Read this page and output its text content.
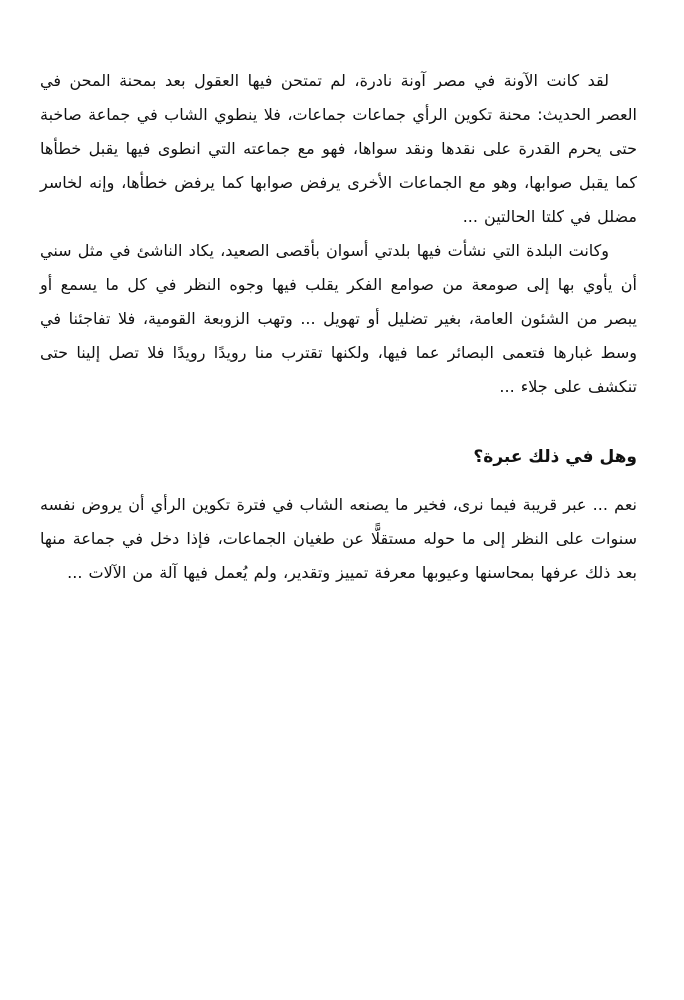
لقد كانت الآونة في مصر آونة نادرة، لم تمتحن فيها العقول بعد بمحنة المحن في العصر الحديث: محنة تكوين الرأي جماعات جماعات، فلا ينطوي الشاب في جماعة صاخبة حتى يحرم القدرة على نقدها ونقد سواها، فهو مع جماعته التي انطوى فيها يقبل خطأها كما يقبل صوابها، وهو مع الجماعات الأخرى يرفض صوابها كما يرفض خطأها، وإنه لخاسر مضلل في كلتا الحالتين ...

وكانت البلدة التي نشأت فيها بلدتي أسوان بأقصى الصعيد، يكاد الناشئ في مثل سني أن يأوي بها إلى صومعة من صوامع الفكر يقلب فيها وجوه النظر في كل ما يسمع أو يبصر من الشئون العامة، بغير تضليل أو تهويل ... وتهب الزوبعة القومية، فلا تفاجئنا في وسط غبارها فتعمى البصائر عما فيها، ولكنها تقترب منا رويدًا رويدًا فلا تصل إلينا حتى تنكشف على جلاء ...

وهل في ذلك عبرة؟

نعم ... عبر قريبة فيما نرى، فخير ما يصنعه الشاب في فترة تكوين الرأي أن يروض نفسه سنوات على النظر إلى ما حوله مستقلًّا عن طغيان الجماعات، فإذا دخل في جماعة منها بعد ذلك عرفها بمحاسنها وعيوبها معرفة تمييز وتقدير، ولم يُعمل فيها آلة من الآلات ...
